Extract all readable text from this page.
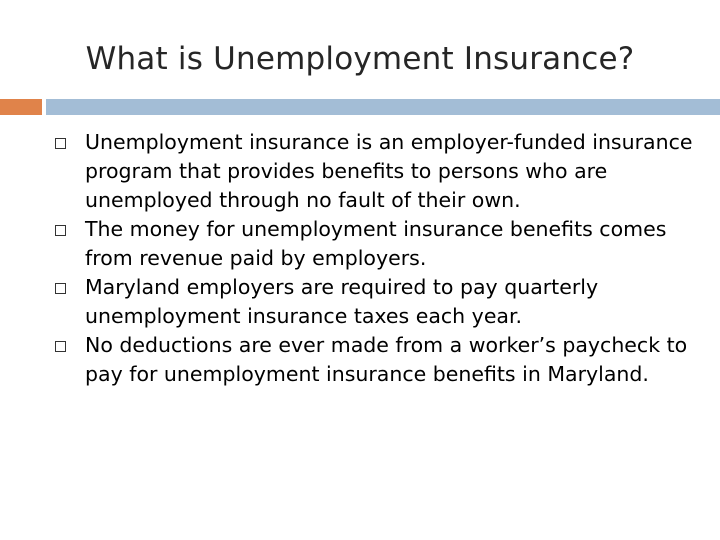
What is Unemployment Insurance?
Unemployment insurance is an employer-funded insurance program that provides benefits to persons who are unemployed through no fault of their own.
The money for unemployment insurance benefits comes from revenue paid by employers.
Maryland employers are required to pay quarterly unemployment insurance taxes each year.
No deductions are ever made from a worker’s paycheck to pay for unemployment insurance benefits in Maryland.
